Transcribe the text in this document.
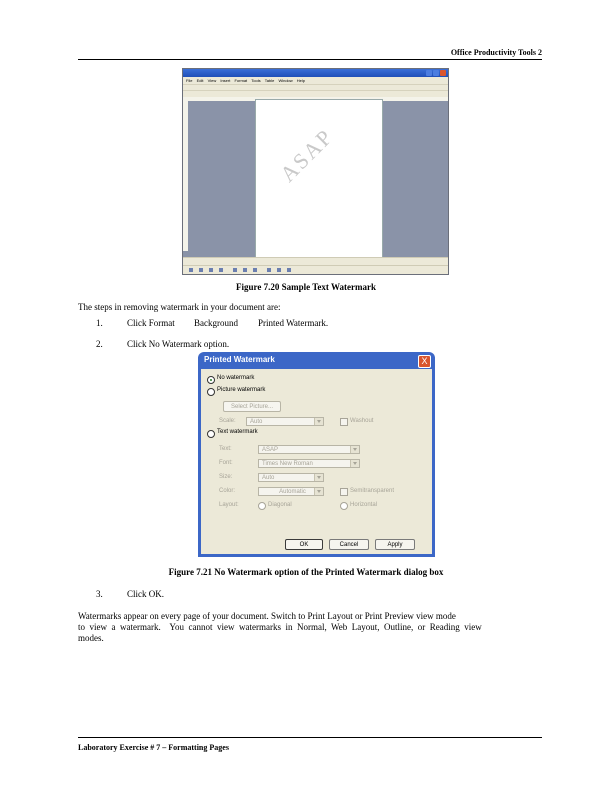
Office Productivity Tools 2
File Edit View Insert Format Tools Table Window Help
ASAP
Figure 7.20 Sample Text Watermark
The steps in removing watermark in your document are:
1.	Click Format Background Printed Watermark.
2.	Click No Watermark option.
Printed Watermark	X
No watermark
Picture watermark
Select Picture...
Scale:	Auto	Washout
Text watermark
Text:	ASAP
Font:	Times New Roman
Size:	Auto
Color:	Automatic	Semitransparent
Layout:	Diagonal	Horizontal
OK	Cancel	Apply
Figure 7.21 No Watermark option of the Printed Watermark dialog box
3.	Click OK.
Watermarks appear on every page of your document. Switch to Print Layout or Print Preview view mode
to  view  a  watermark.    You  cannot  view  watermarks  in  Normal,  Web  Layout,  Outline,  or  Reading  view
modes.
Laboratory Exercise # 7 – Formatting Pages
